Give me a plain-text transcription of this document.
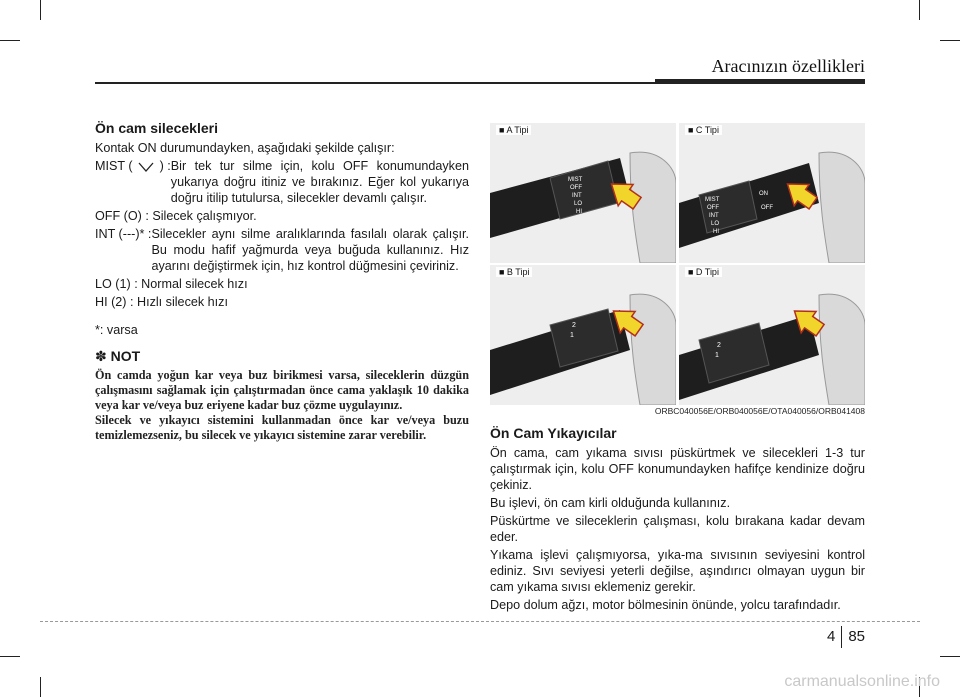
Aracınızın özellikleri
Ön cam silecekleri

Kontak ON durumundayken, aşağıdaki şekilde çalışır:

MIST ( ) : Bir tek tur silme için, kolu OFF konumundayken yukarıya doğru itiniz ve bırakınız. Eğer kol yukarıya doğru itilip tutulursa, silecekler devamlı çalışır.

OFF (O) : Silecek çalışmıyor.

INT (---)* : Silecekler aynı silme aralıklarında fasılalı olarak çalışır. Bu modu hafif yağmurda veya buğuda kullanınız. Hız ayarını değiştirmek için, hız kontrol düğmesini çeviriniz.

LO (1) : Normal silecek hızı

HI (2) : Hızlı silecek hızı

*: varsa

✽ NOT
Ön camda yoğun kar veya buz birikmesi varsa, sileceklerin düzgün çalışmasını sağlamak için çalıştırmadan önce cama yaklaşık 10 dakika veya kar ve/veya buz eriyene kadar buz çözme uygulayınız.
Silecek ve yıkayıcı sistemini kullanmadan önce kar ve/veya buzu temizlemezseniz, bu silecek ve yıkayıcı sistemine zarar verebilir.
MIST
OFF
INT
LO
HI
■ A Tipi
MIST
OFF
INT
LO
HI
ON
OFF
■ C Tipi
1
2
■ B Tipi
1
2
■ D Tipi
ORBC040056E/ORB040056E/OTA040056/ORB041408
Ön Cam Yıkayıcılar

Ön cama, cam yıkama sıvısı püskürtmek ve silecekleri 1-3 tur çalıştırmak için, kolu OFF konumundayken hafifçe kendinize doğru çekiniz.

Bu işlevi, ön cam kirli olduğunda kullanınız.

Püskürtme ve sileceklerin çalışması, kolu bırakana kadar devam eder.

Yıkama işlevi çalışmıyorsa, yıka-ma sıvısının seviyesini kontrol ediniz. Sıvı seviyesi yeterli değilse, aşındırıcı olmayan uygun bir cam yıkama sıvısı eklemeniz gerekir.

Depo dolum ağzı, motor bölmesinin önünde, yolcu tarafındadır.

4 85
carmanualsonline.info
